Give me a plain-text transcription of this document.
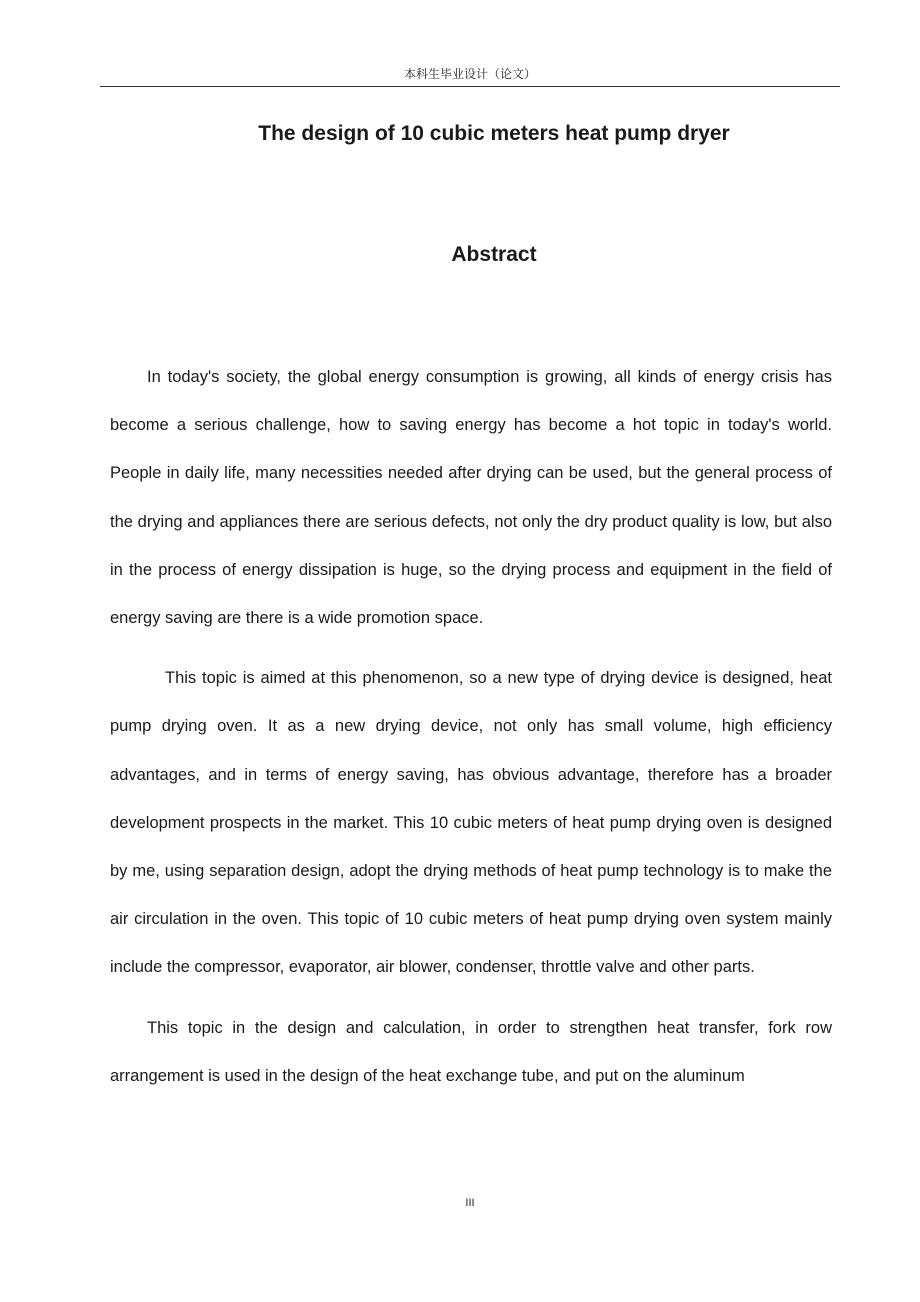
本科生毕业设计（论文）
The design of 10 cubic meters heat pump dryer
Abstract

In today's society, the global energy consumption is growing, all kinds of energy crisis has become a serious challenge, how to saving energy has become a hot topic in today's world. People in daily life, many necessities needed after drying can be used, but the general process of the drying and appliances there are serious defects, not only the dry product quality is low, but also in the process of energy dissipation is huge, so the drying process and equipment in the field of energy saving are there is a wide promotion space.

This topic is aimed at this phenomenon, so a new type of drying device is designed, heat pump drying oven. It as a new drying device, not only has small volume, high efficiency advantages, and in terms of energy saving, has obvious advantage, therefore has a broader development prospects in the market. This 10 cubic meters of heat pump drying oven is designed by me, using separation design, adopt the drying methods of heat pump technology is to make the air circulation in the oven. This topic of 10 cubic meters of heat pump drying oven system mainly include the compressor, evaporator, air blower, condenser, throttle valve and other parts.

This topic in the design and calculation, in order to strengthen heat transfer, fork row arrangement is used in the design of the heat exchange tube, and put on the aluminum

III
